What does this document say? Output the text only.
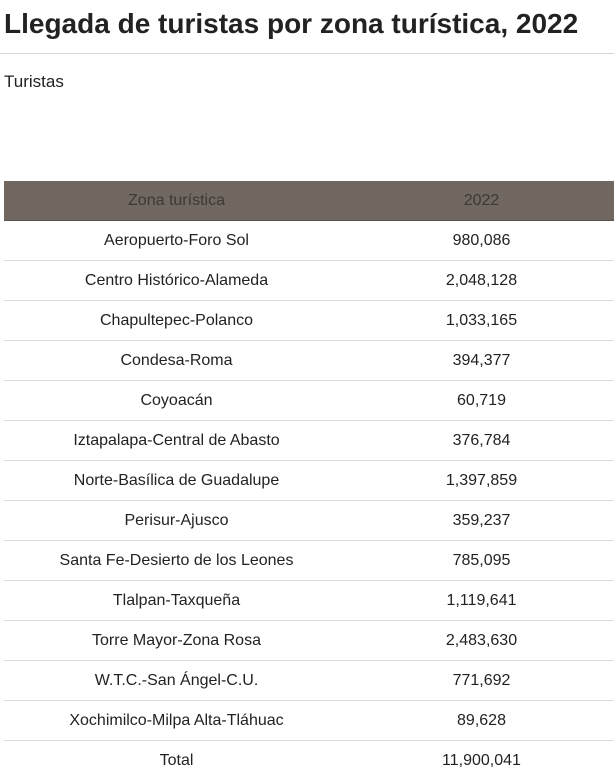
Llegada de turistas por zona turística, 2022
Turistas
Zona turística	2022
Aeropuerto-Foro Sol	980,086
Centro Histórico-Alameda	2,048,128
Chapultepec-Polanco	1,033,165
Condesa-Roma	394,377
Coyoacán	60,719
Iztapalapa-Central de Abasto	376,784
Norte-Basílica de Guadalupe	1,397,859
Perisur-Ajusco	359,237
Santa Fe-Desierto de los Leones	785,095
Tlalpan-Taxqueña	1,119,641
Torre Mayor-Zona Rosa	2,483,630
W.T.C.-San Ángel-C.U.	771,692
Xochimilco-Milpa Alta-Tláhuac	89,628
Total	11,900,041
